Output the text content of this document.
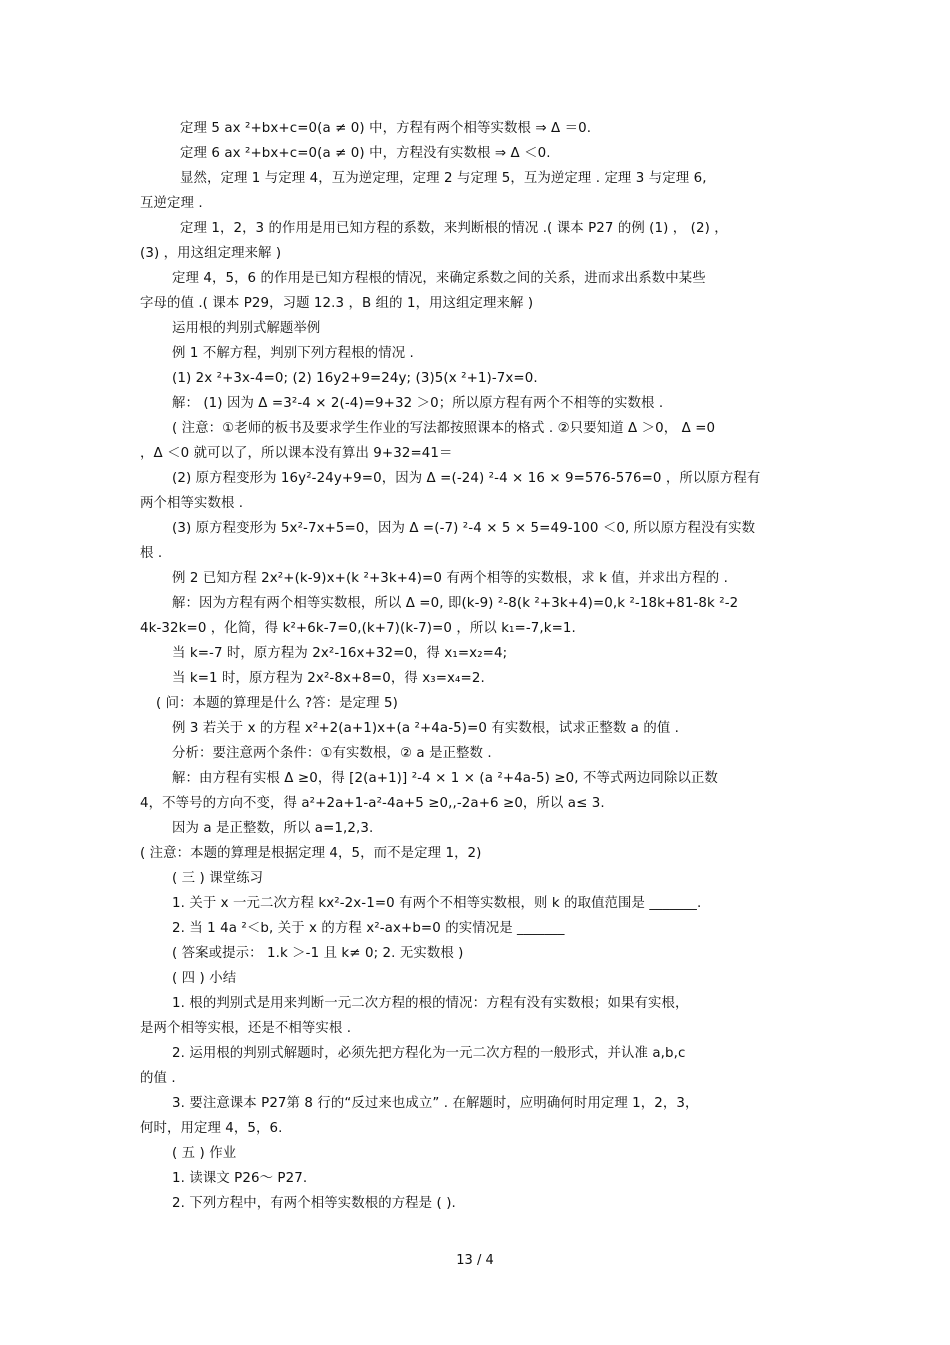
定理 5 ax ²+bx+c=0(a ≠ 0) 中，方程有两个相等实数根 ⇒ Δ ＝0.
定理 6 ax ²+bx+c=0(a ≠ 0) 中，方程没有实数根 ⇒ Δ ＜0.
显然，定理 1 与定理 4，互为逆定理，定理 2 与定理 5，互为逆定理 . 定理 3 与定理 6,
互逆定理 .
定理 1，2，3 的作用是用已知方程的系数，来判断根的情况 .( 课本 P27 的例 (1) ， (2) ，
(3) ，用这组定理来解 )
定理 4，5，6 的作用是已知方程根的情况，来确定系数之间的关系，进而求出系数中某些
字母的值 .( 课本 P29，习题 12.3 ，B 组的 1，用这组定理来解 )
运用根的判别式解题举例
例 1 不解方程，判别下列方程根的情况 .
(1) 2x ²+3x-4=0; (2) 16y2+9=24y; (3)5(x ²+1)-7x=0.
解： (1) 因为 Δ =3²-4 × 2(-4)=9+32 ＞0；所以原方程有两个不相等的实数根 .
( 注意：①老师的板书及要求学生作业的写法都按照课本的格式 . ②只要知道 Δ ＞0， Δ =0
，Δ ＜0 就可以了，所以课本没有算出 9+32=41＝
(2) 原方程变形为 16y²-24y+9=0，因为 Δ =(-24) ²-4 × 16 × 9=576-576=0 ，所以原方程有
两个相等实数根 .
(3) 原方程变形为 5x²-7x+5=0，因为 Δ =(-7) ²-4 × 5 × 5=49-100 ＜0, 所以原方程没有实数
根 .
例 2 已知方程 2x²+(k-9)x+(k ²+3k+4)=0 有两个相等的实数根，求 k 值，并求出方程的 .
解：因为方程有两个相等实数根，所以 Δ =0, 即(k-9) ²-8(k ²+3k+4)=0,k ²-18k+81-8k ²-2
4k-32k=0 ，化简，得 k²+6k-7=0,(k+7)(k-7)=0 ，所以 k₁=-7,k=1.
当 k=-7 时，原方程为 2x²-16x+32=0，得 x₁=x₂=4;
当 k=1 时，原方程为 2x²-8x+8=0，得 x₃=x₄=2.
( 问：本题的算理是什么 ?答：是定理 5)
例 3 若关于 x 的方程 x²+2(a+1)x+(a ²+4a-5)=0 有实数根，试求正整数 a 的值 .
分析：要注意两个条件：①有实数根，② a 是正整数 .
解：由方程有实根 Δ ≥0，得 [2(a+1)] ²-4 × 1 × (a ²+4a-5) ≥0, 不等式两边同除以正数
4，不等号的方向不变，得 a²+2a+1-a²-4a+5 ≥0,,-2a+6 ≥0，所以 a≤ 3.
因为 a 是正整数，所以 a=1,2,3.
( 注意：本题的算理是根据定理 4，5，而不是定理 1，2)
( 三 ) 课堂练习
1. 关于 x 一元二次方程 kx²-2x-1=0 有两个不相等实数根，则 k 的取值范围是 _______.
2. 当 1 4a ²＜b, 关于 x 的方程 x²-ax+b=0 的实情况是 _______
( 答案或提示： 1.k ＞-1 且 k≠ 0; 2. 无实数根 )
( 四 ) 小结
1. 根的判别式是用来判断一元二次方程的根的情况：方程有没有实数根；如果有实根，
是两个相等实根，还是不相等实根 .
2. 运用根的判别式解题时，必须先把方程化为一元二次方程的一般形式，并认准 a,b,c
的值 .
3. 要注意课本 P27第 8 行的“反过来也成立” . 在解题时，应明确何时用定理 1，2，3，
何时，用定理 4，5，6.
( 五 ) 作业
1. 读课文 P26～ P27.
2. 下列方程中，有两个相等实数根的方程是 ( ).
13 / 4
